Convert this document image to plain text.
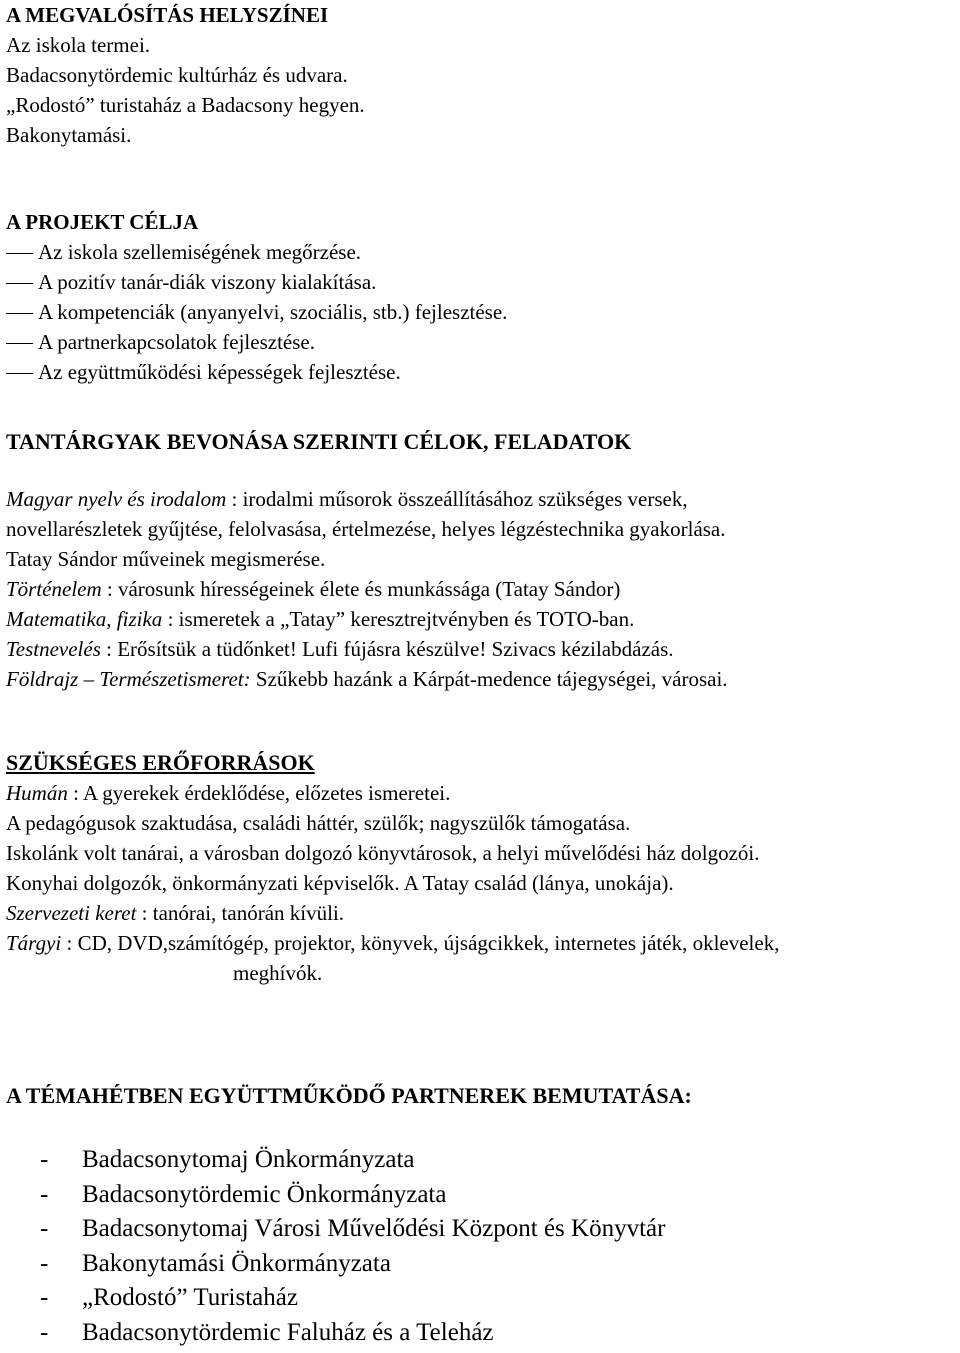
A MEGVALÓSÍTÁS HELYSZÍNEI
Az iskola termei.
Badacsonytördemic kultúrház és udvara.
„Rodostó” turistaház a Badacsony hegyen.
Bakonytamási.
A PROJEKT CÉLJA
Az iskola szellemiségének megőrzése.
A pozitív tanár-diák viszony kialakítása.
A kompetenciák (anyanyelvi, szociális, stb.) fejlesztése.
A partnerkapcsolatok fejlesztése.
Az együttműködési képességek fejlesztése.
TANTÁRGYAK BEVONÁSA SZERINTI CÉLOK, FELADATOK
Magyar nyelv és irodalom : irodalmi műsorok összeállításához szükséges versek,
novellarészletek gyűjtése, felolvasása, értelmezése, helyes légzéstechnika gyakorlása.
Tatay Sándor műveinek megismerése.
Történelem : városunk hírességeinek élete és munkássága (Tatay Sándor)
Matematika, fizika : ismeretek a „Tatay” keresztrejtvényben és TOTO-ban.
Testnevelés : Erősítsük a tüdőnket! Lufi fújásra készülve! Szivacs kézilabdázás.
Földrajz – Természetismeret: Szűkebb hazánk a Kárpát-medence tájegységei, városai.
SZÜKSÉGES ERŐFORRÁSOK
Humán : A gyerekek érdeklődése, előzetes ismeretei.
A pedagógusok szaktudása, családi háttér, szülők; nagyszülők támogatása.
Iskolánk volt tanárai, a városban dolgozó könyvtárosok, a helyi művelődési ház dolgozói.
Konyhai dolgozók, önkormányzati képviselők. A Tatay család (lánya, unokája).
Szervezeti keret : tanórai, tanórán kívüli.
Tárgyi : CD, DVD,számítógép, projektor, könyvek, újságcikkek, internetes játék, oklevelek,
meghívók.
A TÉMAHÉTBEN EGYÜTTMŰKÖDŐ PARTNEREK BEMUTATÁSA:
- Badacsonytomaj Önkormányzata
- Badacsonytördemic Önkormányzata
- Badacsonytomaj Városi Művelődési Központ és Könyvtár
- Bakonytamási Önkormányzata
- „Rodostó” Turistaház
- Badacsonytördemic Faluház és a Teleház
